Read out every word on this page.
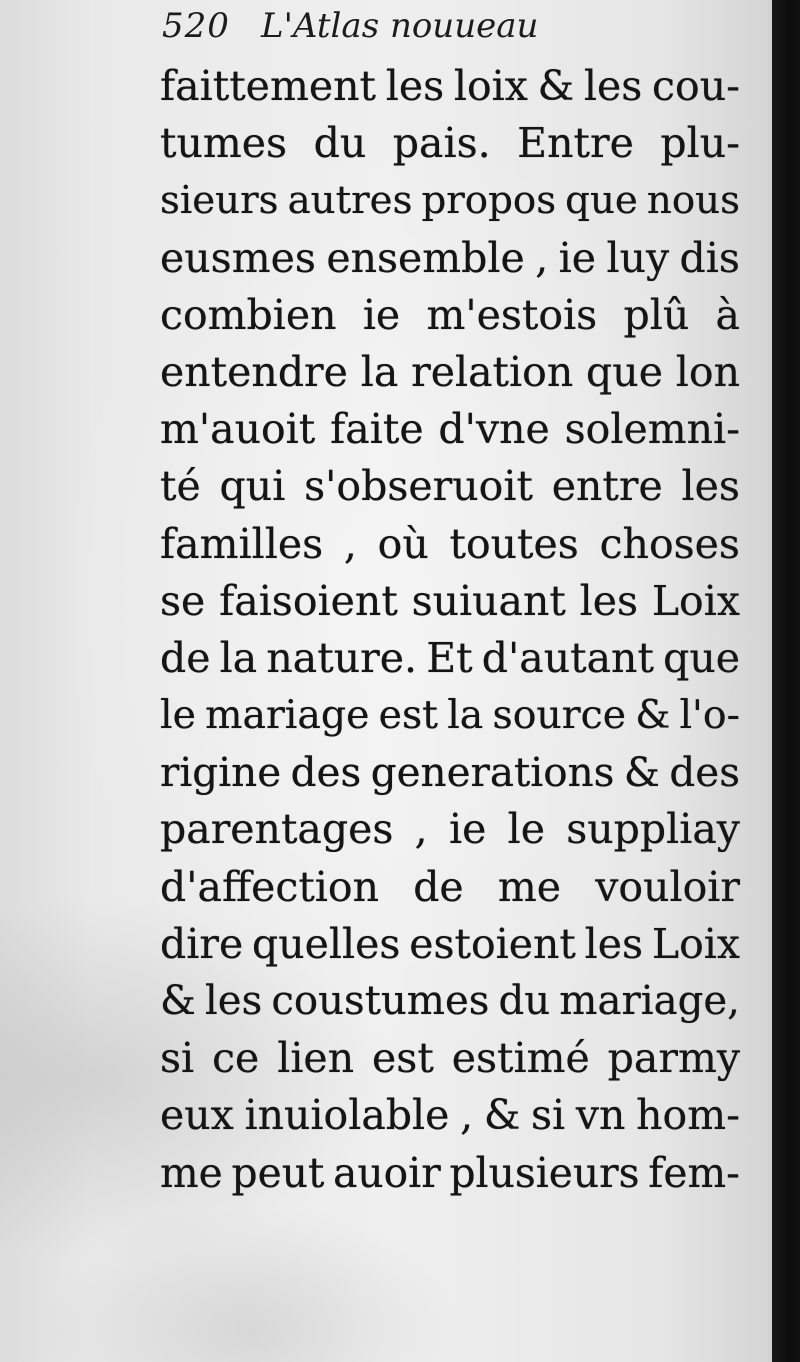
520 L'Atlas nouueau
faittement les loix & les cou-
tumes du pais. Entre plu-
sieurs autres propos que nous
eusmes ensemble , ie luy dis
combien ie m'estois plû à
entendre la relation que lon
m'auoit faite d'vne solemni-
té qui s'obseruoit entre les
familles , où toutes choses
se faisoient suiuant les Loix
de la nature. Et d'autant que
le mariage est la source & l'o-
rigine des generations & des
parentages , ie le suppliay
d'affection de me vouloir
dire quelles estoient les Loix
& les coustumes du mariage,
si ce lien est estimé parmy
eux inuiolable , & si vn hom-
me peut auoir plusieurs fem-
